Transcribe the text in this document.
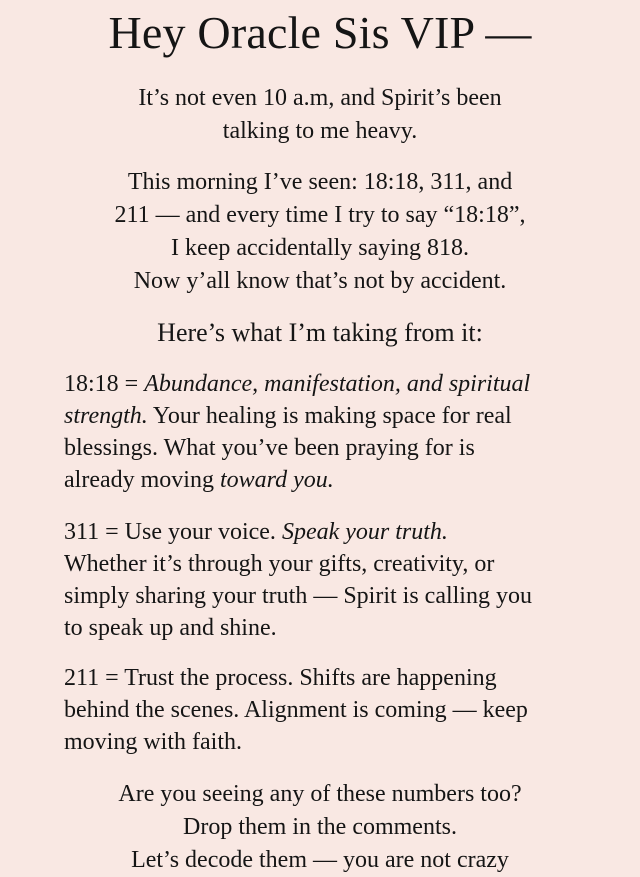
Hey Oracle Sis VIP —

It’s not even 10 a.m, and Spirit’s been
talking to me heavy.

This morning I’ve seen: 18:18, 311, and
211 — and every time I try to say “18:18”,
I keep accidentally saying 818.
Now y’all know that’s not by accident.

Here’s what I’m taking from it:

18:18 = Abundance, manifestation, and spiritual
strength. Your healing is making space for real
blessings. What you’ve been praying for is
already moving toward you.

311 = Use your voice. Speak your truth.
Whether it’s through your gifts, creativity, or
simply sharing your truth — Spirit is calling you
to speak up and shine.

211 = Trust the process. Shifts are happening
behind the scenes. Alignment is coming — keep
moving with faith.

Are you seeing any of these numbers too?
Drop them in the comments.
Let’s decode them — you are not crazy
